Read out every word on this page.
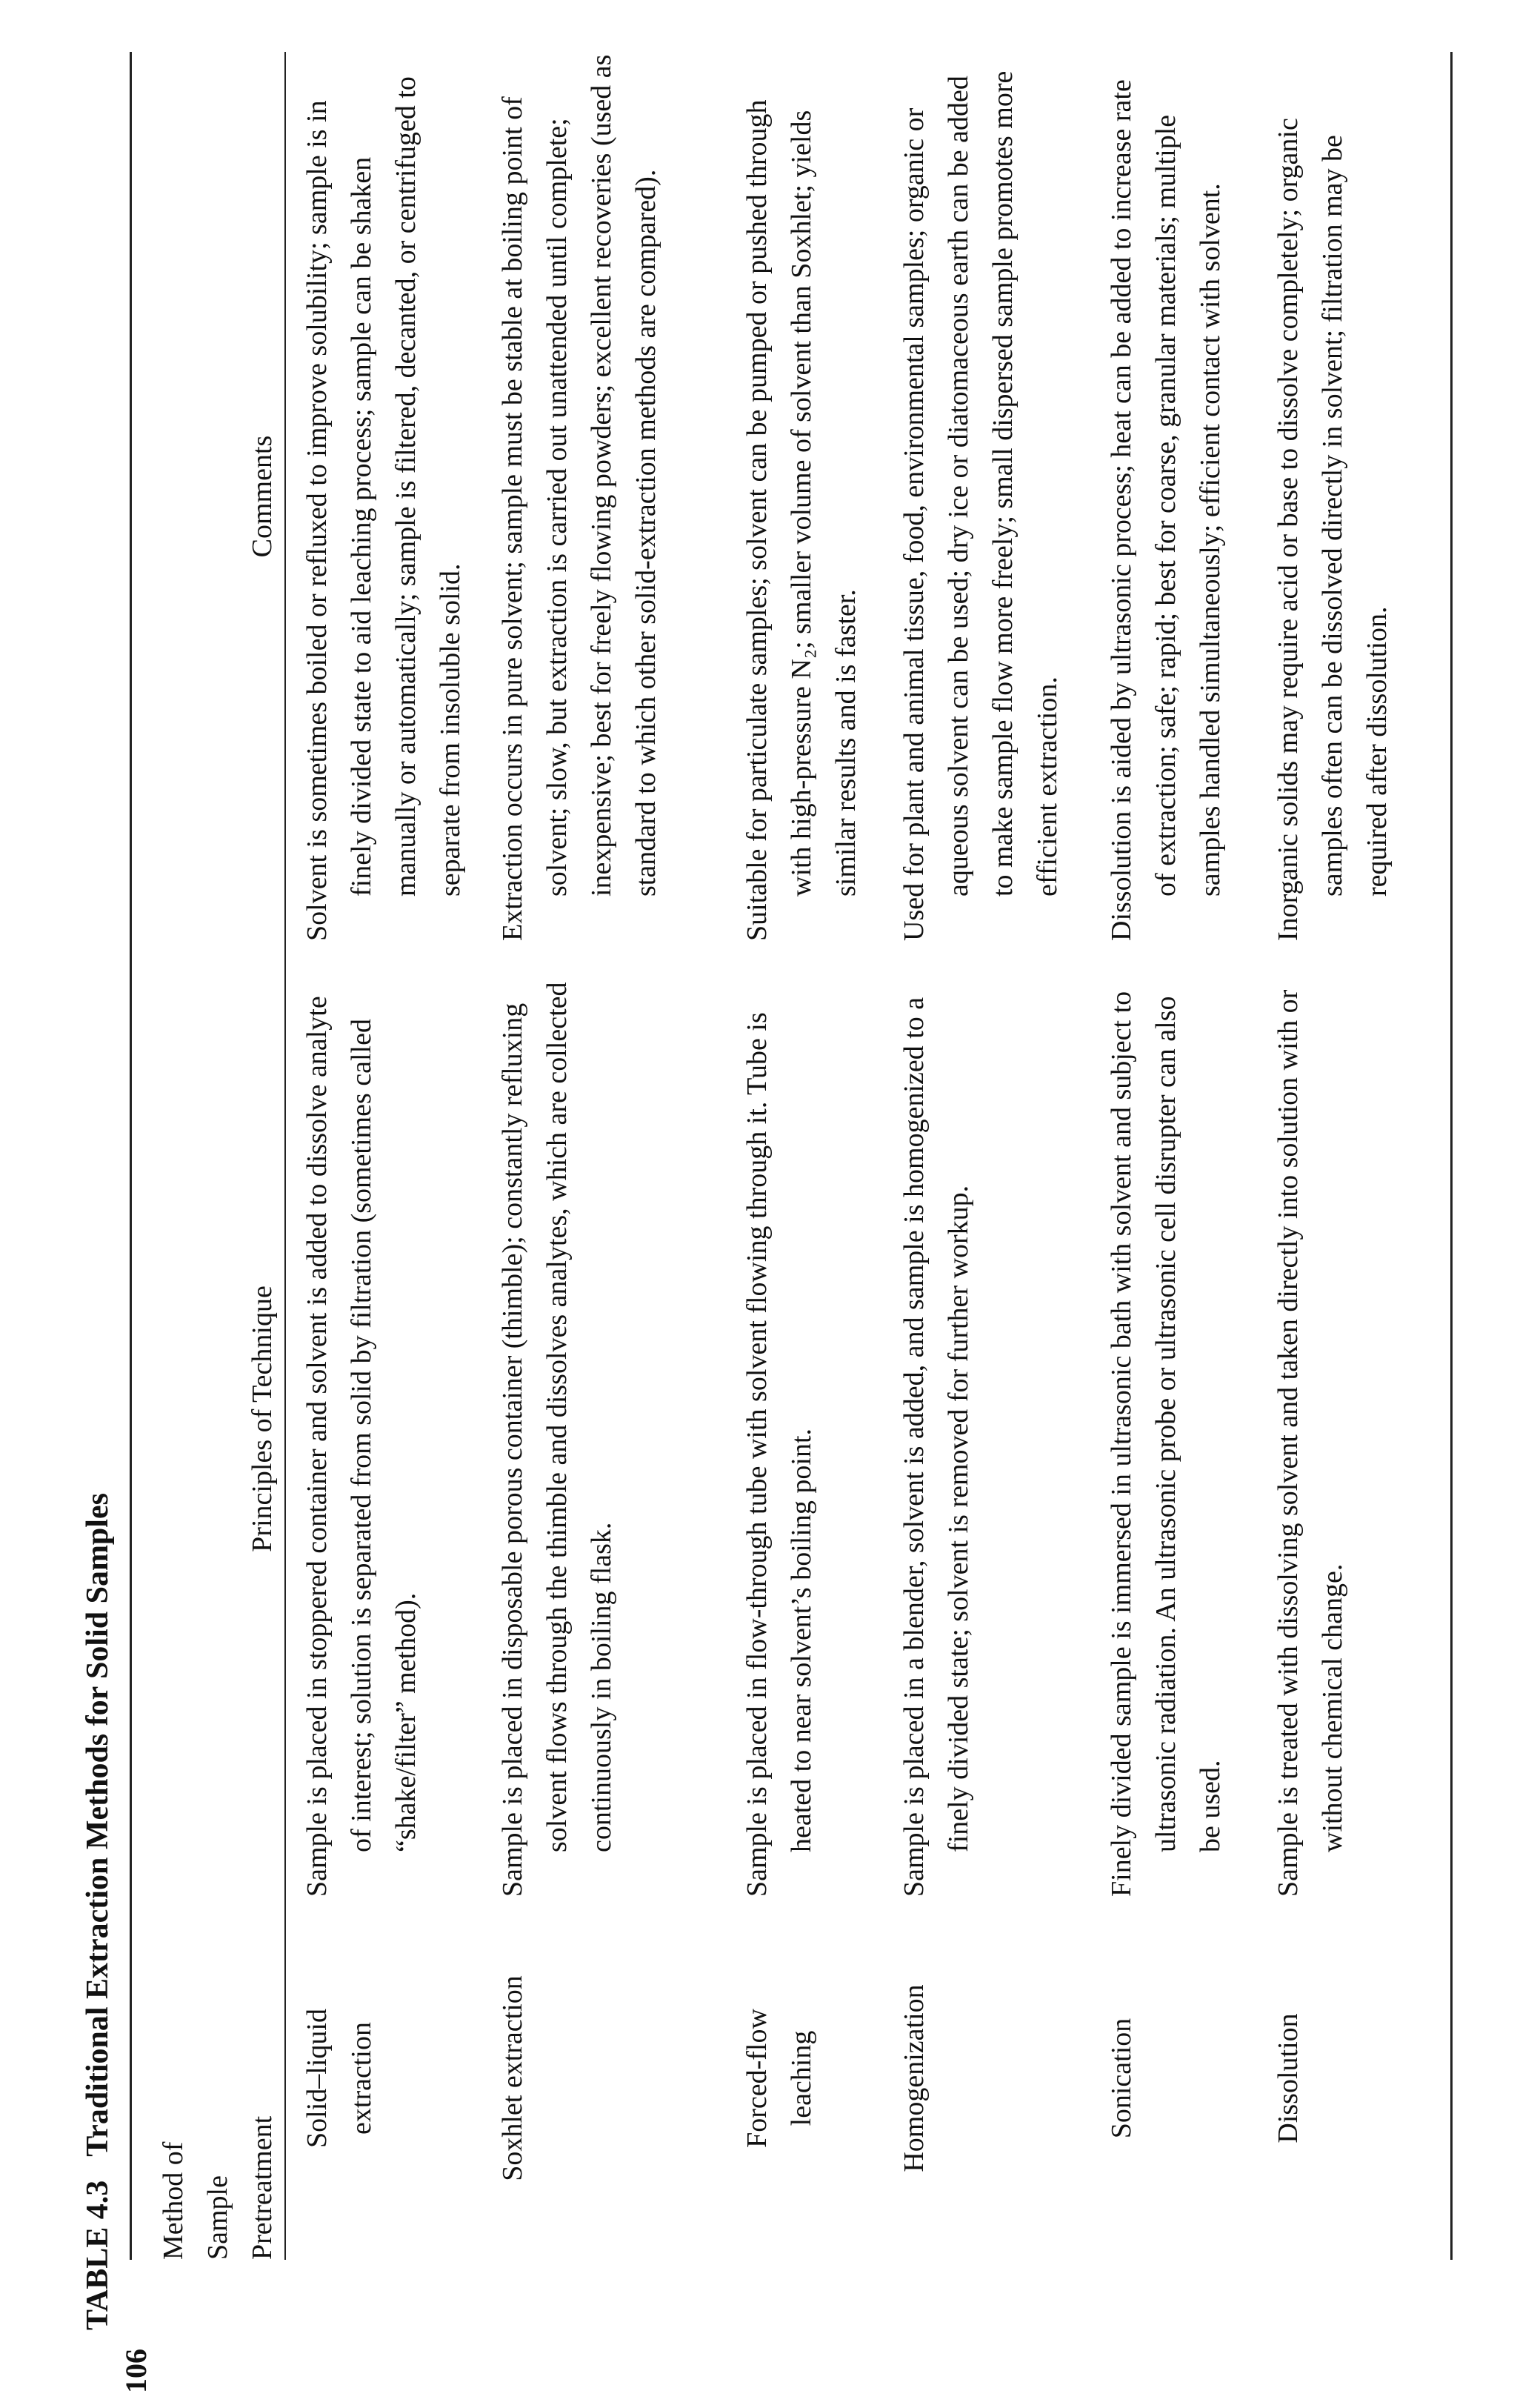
106
TABLE 4.3Traditional Extraction Methods for Solid Samples
Method of
Sample
Pretreatment	Principles of Technique	Comments
Solid–liquid
extraction	Sample is placed in stoppered container and solvent is added to dissolve analyte of interest; solution is separated from solid by filtration (sometimes called “shake/filter” method).	Solvent is sometimes boiled or refluxed to improve solubility; sample is in finely divided state to aid leaching process; sample can be shaken manually or automatically; sample is filtered, decanted, or centrifuged to separate from insoluble solid.

Soxhlet extraction	Sample is placed in disposable porous container (thimble); constantly refluxing solvent flows through the thimble and dissolves analytes, which are collected continuously in boiling flask.	Extraction occurs in pure solvent; sample must be stable at boiling point of solvent; slow, but extraction is carried out unattended until complete; inexpensive; best for freely flowing powders; excellent recoveries (used as standard to which other solid-extraction methods are compared).

Forced-flow
leaching	Sample is placed in flow-through tube with solvent flowing through it. Tube is heated to near solvent’s boiling point.	Suitable for particulate samples; solvent can be pumped or pushed through with high-pressure N₂; smaller volume of solvent than Soxhlet; yields similar results and is faster.

Homogenization	Sample is placed in a blender, solvent is added, and sample is homogenized to a finely divided state; solvent is removed for further workup.	Used for plant and animal tissue, food, environmental samples; organic or aqueous solvent can be used; dry ice or diatomaceous earth can be added to make sample flow more freely; small dispersed sample promotes more efficient extraction.

Sonication	Finely divided sample is immersed in ultrasonic bath with solvent and subject to ultrasonic radiation. An ultrasonic probe or ultrasonic cell disrupter can also be used.	Dissolution is aided by ultrasonic process; heat can be added to increase rate of extraction; safe; rapid; best for coarse, granular materials; multiple samples handled simultaneously; efficient contact with solvent.

Dissolution	Sample is treated with dissolving solvent and taken directly into solution with or without chemical change.	Inorganic solids may require acid or base to dissolve completely; organic samples often can be dissolved directly in solvent; filtration may be required after dissolution.
